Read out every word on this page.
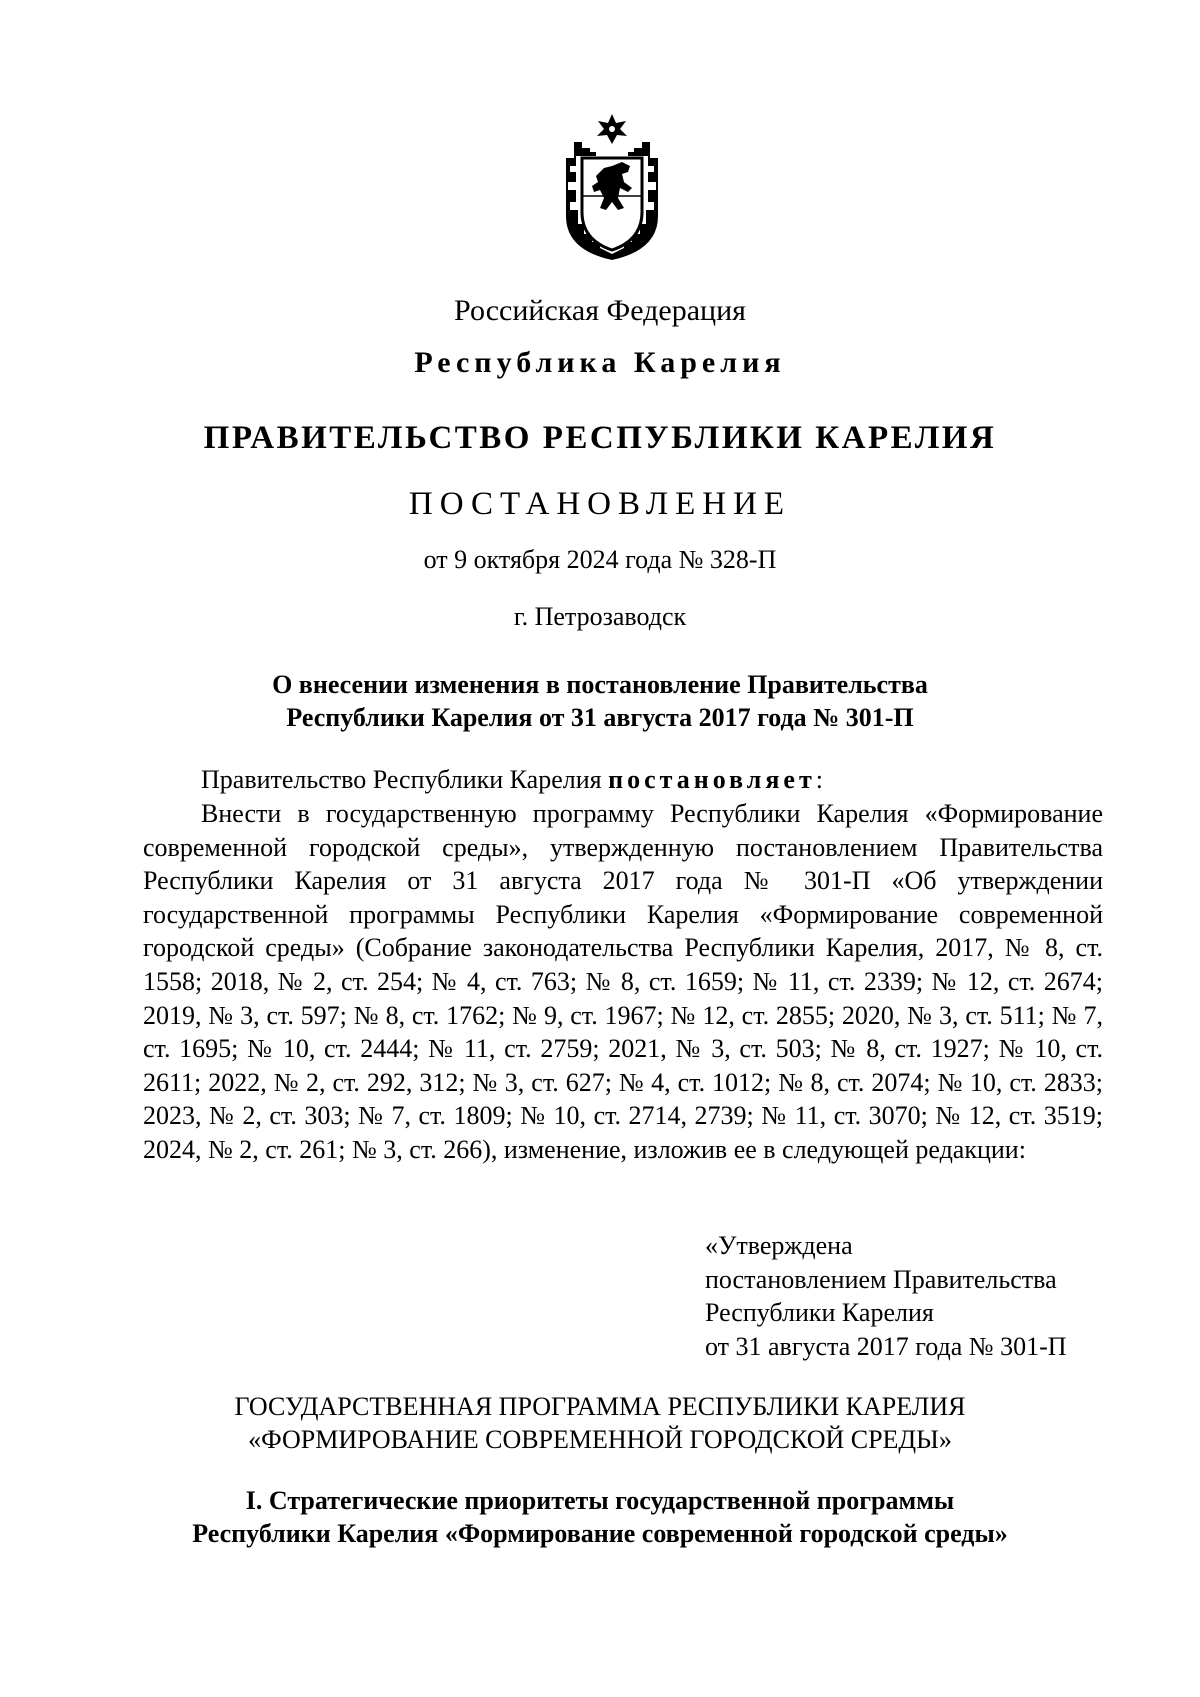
Российская Федерация
Республика Карелия
ПРАВИТЕЛЬСТВО РЕСПУБЛИКИ КАРЕЛИЯ
ПОСТАНОВЛЕНИЕ
от 9 октября 2024 года № 328-П
г. Петрозаводск
О внесении изменения в постановление Правительства
Республики Карелия от 31 августа 2017 года № 301-П
Правительство Республики Карелия постановляет:
Внести в государственную программу Республики Карелия «Формирование современной городской среды», утвержденную постановлением Правительства Республики Карелия от 31 августа 2017 года № 301-П «Об утверждении государственной программы Республики Карелия «Формирование современной городской среды» (Собрание законодательства Республики Карелия, 2017, № 8, ст. 1558; 2018, № 2, ст. 254; № 4, ст. 763; № 8, ст. 1659; № 11, ст. 2339; № 12, ст. 2674; 2019, № 3, ст. 597; № 8, ст. 1762; № 9, ст. 1967; № 12, ст. 2855; 2020, № 3, ст. 511; № 7, ст. 1695; № 10, ст. 2444; № 11, ст. 2759; 2021, № 3, ст. 503; № 8, ст. 1927; № 10, ст. 2611; 2022, № 2, ст. 292, 312; № 3, ст. 627; № 4, ст. 1012; № 8, ст. 2074; № 10, ст. 2833; 2023, № 2, ст. 303; № 7, ст. 1809; № 10, ст. 2714, 2739; № 11, ст. 3070; № 12, ст. 3519; 2024, № 2, ст. 261; № 3, ст. 266), изменение, изложив ее в следующей редакции:
«Утверждена
постановлением Правительства
Республики Карелия
от 31 августа 2017 года № 301-П
ГОСУДАРСТВЕННАЯ ПРОГРАММА РЕСПУБЛИКИ КАРЕЛИЯ
«ФОРМИРОВАНИЕ СОВРЕМЕННОЙ ГОРОДСКОЙ СРЕДЫ»
I. Стратегические приоритеты государственной программы
Республики Карелия «Формирование современной городской среды»
